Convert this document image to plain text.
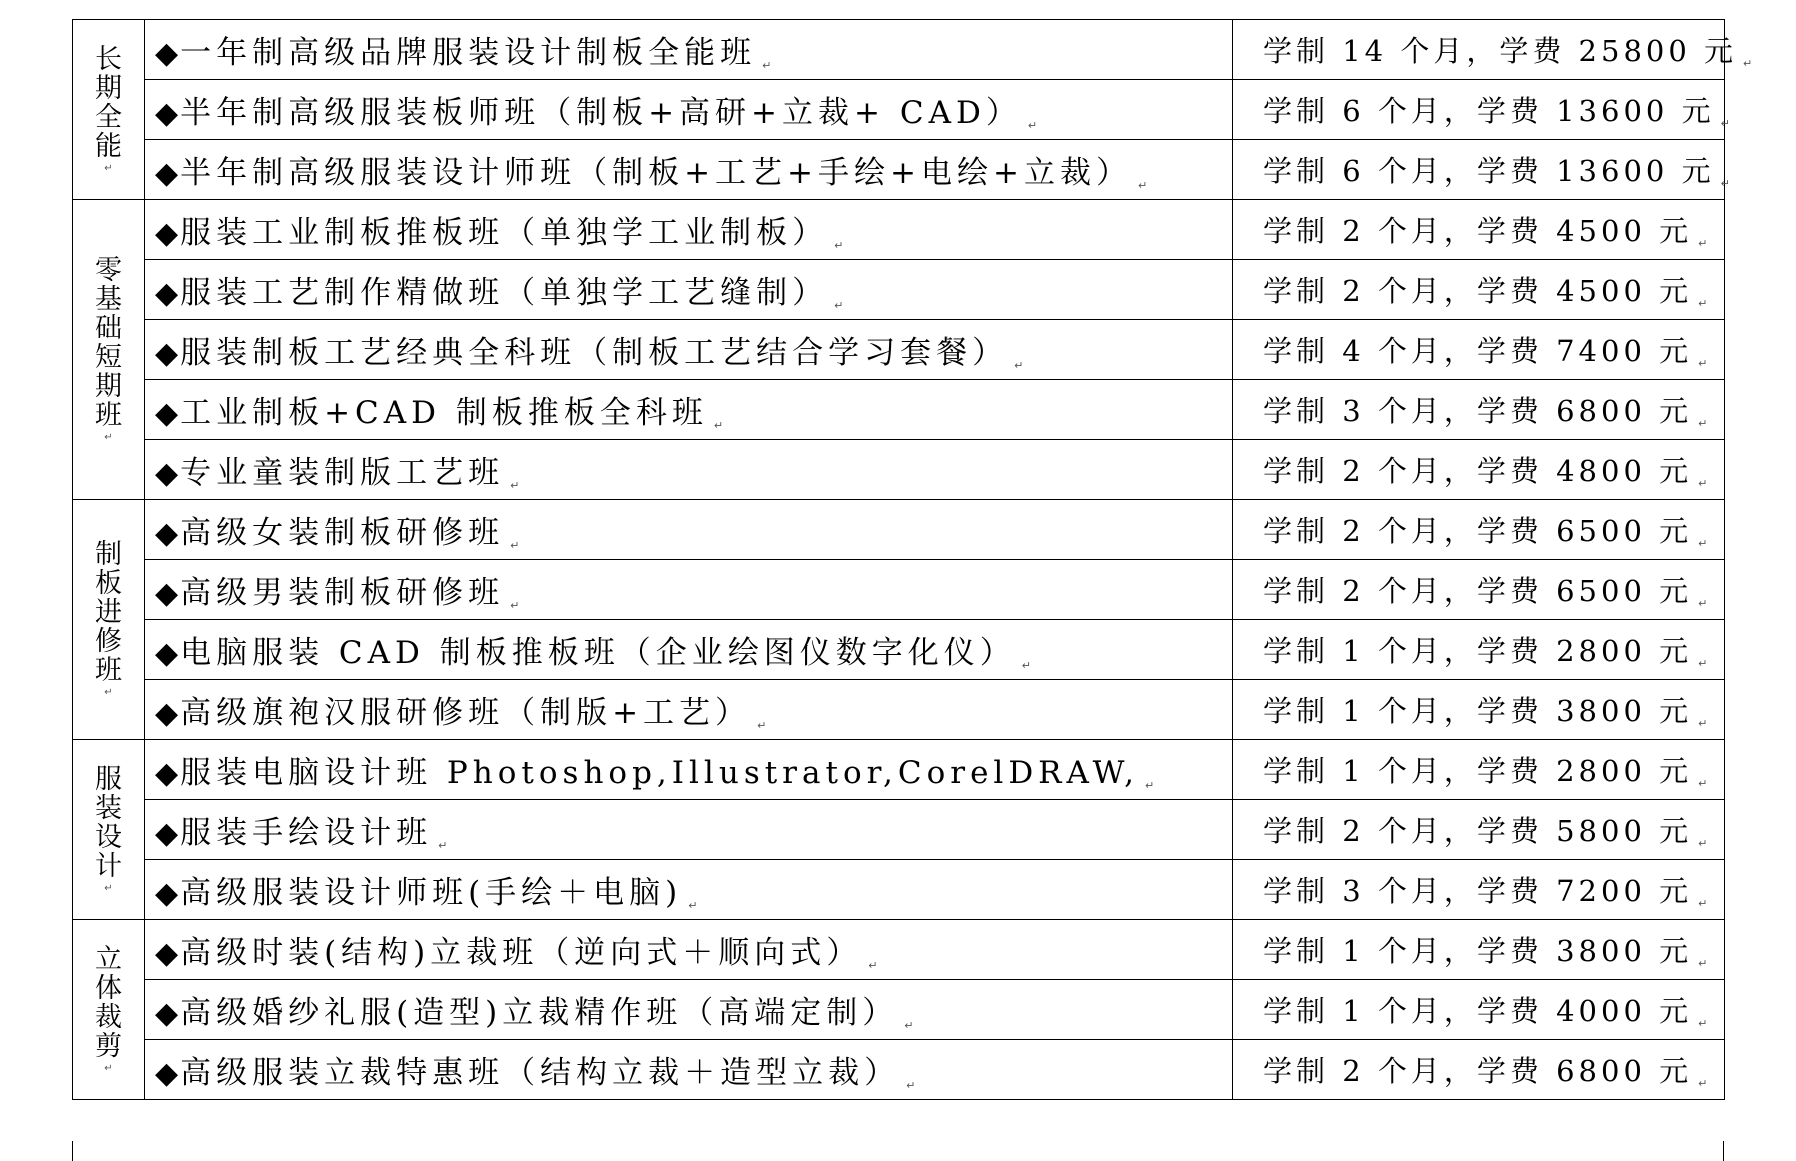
长期全能
↵	◆一年制高级品牌服装设计制板全能班 ↵	学制 14 个月，学费 25800 元 $_↵$
	◆半年制高级服装板师班（制板+高研+立裁+ CAD） ↵	学制 6 个月，学费 13600 元 $_↵$
	◆半年制高级服装设计师班（制板+工艺+手绘+电绘+立裁） ↵	学制 6 个月，学费 13600 元 $_↵$
零基础短期班
↵	◆服装工业制板推板班（单独学工业制板） ↵	学制 2 个月，学费 4500 元 $_↵$
	◆服装工艺制作精做班（单独学工艺缝制） ↵	学制 2 个月，学费 4500 元 $_↵$
	◆服装制板工艺经典全科班（制板工艺结合学习套餐） ↵	学制 4 个月，学费 7400 元 $_↵$
	◆工业制板+CAD 制板推板全科班 ↵	学制 3 个月，学费 6800 元 $_↵$
	◆专业童装制版工艺班 ↵	学制 2 个月，学费 4800 元 $_↵$
制板进修班
↵	◆高级女装制板研修班 ↵	学制 2 个月，学费 6500 元 $_↵$
	◆高级男装制板研修班 ↵	学制 2 个月，学费 6500 元 $_↵$
	◆电脑服装 CAD 制板推板班（企业绘图仪数字化仪） ↵	学制 1 个月，学费 2800 元 $_↵$
	◆高级旗袍汉服研修班（制版+工艺） ↵	学制 1 个月，学费 3800 元 $_↵$
服装设计
↵	◆服装电脑设计班 Photoshop,Illustrator,CorelDRAW, ↵	学制 1 个月，学费 2800 元 $_↵$
	◆服装手绘设计班 ↵	学制 2 个月，学费 5800 元 $_↵$
	◆高级服装设计师班(手绘＋电脑) ↵	学制 3 个月，学费 7200 元 $_↵$
立体裁剪
↵	◆高级时装(结构)立裁班（逆向式＋顺向式） ↵	学制 1 个月，学费 3800 元 $_↵$
	◆高级婚纱礼服(造型)立裁精作班（高端定制） ↵	学制 1 个月，学费 4000 元 $_↵$
	◆高级服装立裁特惠班（结构立裁＋造型立裁） ↵	学制 2 个月，学费 6800 元 $_↵$
